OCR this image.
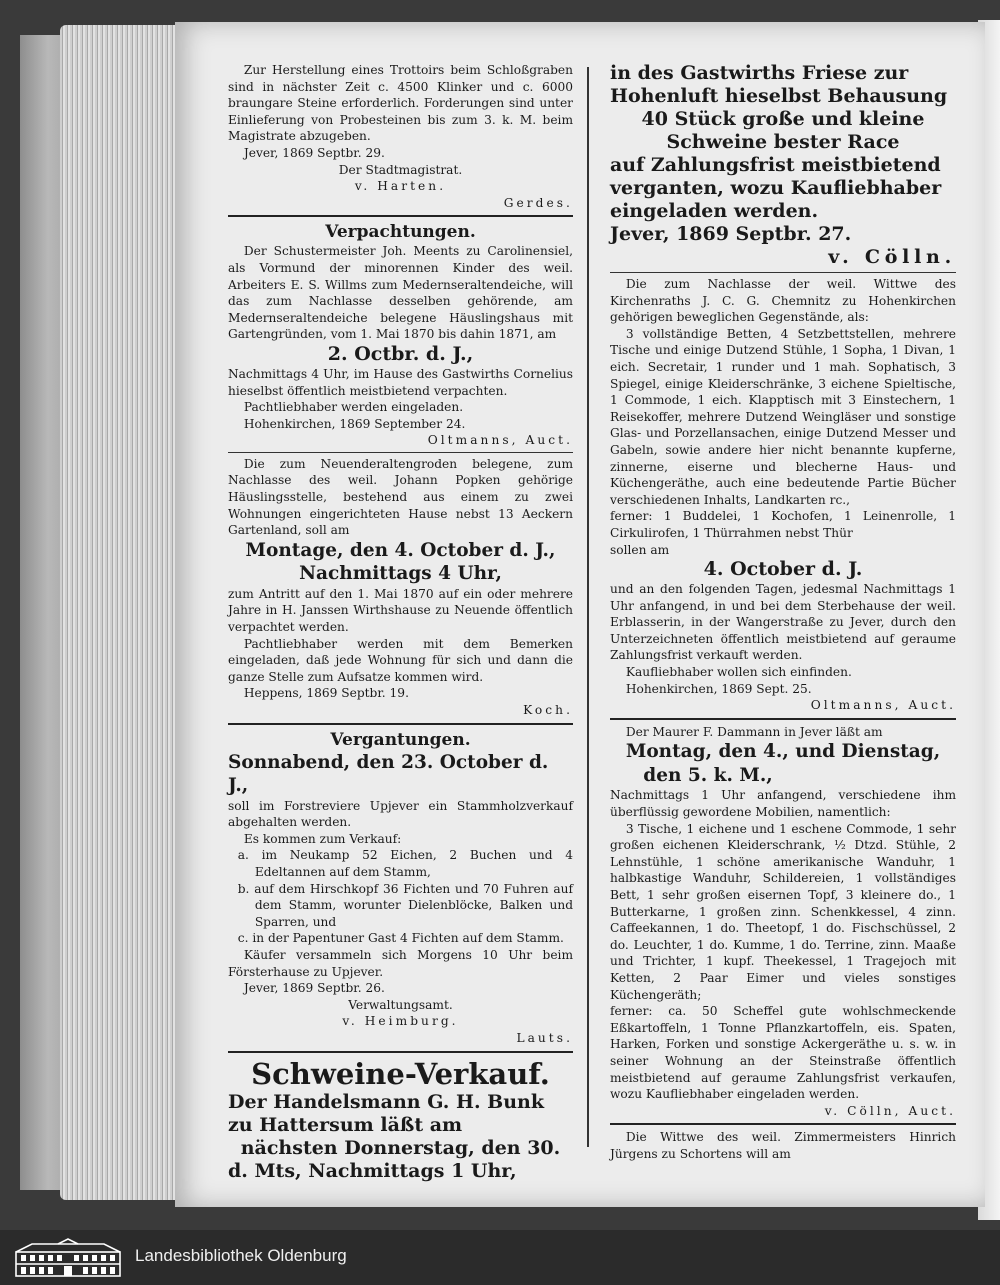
Zur Herstellung eines Trottoirs beim Schloßgraben sind in nächster Zeit c. 4500 Klinker und c. 6000 braungare Steine erforderlich. Forderungen sind unter Einlieferung von Probesteinen bis zum 3. k. M. beim Magistrate abzugeben.

Jever, 1869 Septbr. 29.

Der Stadtmagistrat.

v. Harten.

Gerdes.

Verpachtungen.

Der Schustermeister Joh. Meents zu Carolinensiel, als Vormund der minorennen Kinder des weil. Arbeiters E. S. Willms zum Medernseraltendeiche, will das zum Nachlasse desselben gehörende, am Medernseraltendeiche belegene Häuslingshaus mit Gartengründen, vom 1. Mai 1870 bis dahin 1871, am

2. Octbr. d. J.,

Nachmittags 4 Uhr, im Hause des Gastwirths Cornelius hieselbst öffentlich meistbietend verpachten.

Pachtliebhaber werden eingeladen.

Hohenkirchen, 1869 September 24.

Oltmanns, Auct.

Die zum Neuenderaltengroden belegene, zum Nachlasse des weil. Johann Popken gehörige Häuslingsstelle, bestehend aus einem zu zwei Wohnungen eingerichteten Hause nebst 13 Aeckern Gartenland, soll am

Montage, den 4. October d. J.,

Nachmittags 4 Uhr,

zum Antritt auf den 1. Mai 1870 auf ein oder mehrere Jahre in H. Janssen Wirthshause zu Neuende öffentlich verpachtet werden.

Pachtliebhaber werden mit dem Bemerken eingeladen, daß jede Wohnung für sich und dann die ganze Stelle zum Aufsatze kommen wird.

Heppens, 1869 Septbr. 19.

Koch.

Vergantungen.

Sonnabend, den 23. October d. J.,

soll im Forstreviere Upjever ein Stammholzverkauf abgehalten werden.

Es kommen zum Verkauf:

a. im Neukamp 52 Eichen, 2 Buchen und 4 Edeltannen auf dem Stamm,

b. auf dem Hirschkopf 36 Fichten und 70 Fuhren auf dem Stamm, worunter Dielenblöcke, Balken und Sparren, und

c. in der Papentuner Gast 4 Fichten auf dem Stamm.

Käufer versammeln sich Morgens 10 Uhr beim Försterhause zu Upjever.

Jever, 1869 Septbr. 26.

Verwaltungsamt.

v. Heimburg.

Lauts.

Schweine-Verkauf.

Der Handelsmann G. H. Bunk

zu Hattersum läßt am

nächsten Donnerstag, den 30.

d. Mts, Nachmittags 1 Uhr,

in des Gastwirths Friese zur Hohenluft hieselbst Behausung

40 Stück große und kleine Schweine bester Race

auf Zahlungsfrist meistbietend verganten, wozu Kaufliebhaber eingeladen werden.

Jever, 1869 Septbr. 27.

v. Cölln.

Die zum Nachlasse der weil. Wittwe des Kirchenraths J. C. G. Chemnitz zu Hohenkirchen gehörigen beweglichen Gegenstände, als:

3 vollständige Betten, 4 Setzbettstellen, mehrere Tische und einige Dutzend Stühle, 1 Sopha, 1 Divan, 1 eich. Secretair, 1 runder und 1 mah. Sophatisch, 3 Spiegel, einige Kleiderschränke, 3 eichene Spieltische, 1 Commode, 1 eich. Klapptisch mit 3 Einstechern, 1 Reisekoffer, mehrere Dutzend Weingläser und sonstige Glas- und Porzellansachen, einige Dutzend Messer und Gabeln, sowie andere hier nicht benannte kupferne, zinnerne, eiserne und blecherne Haus- und Küchengeräthe, auch eine bedeutende Partie Bücher verschiedenen Inhalts, Landkarten rc.,

ferner: 1 Buddelei, 1 Kochofen, 1 Leinenrolle, 1 Cirkulirofen, 1 Thürrahmen nebst Thür

sollen am

4. October d. J.

und an den folgenden Tagen, jedesmal Nachmittags 1 Uhr anfangend, in und bei dem Sterbehause der weil. Erblasserin, in der Wangerstraße zu Jever, durch den Unterzeichneten öffentlich meistbietend auf geraume Zahlungsfrist verkauft werden.

Kaufliebhaber wollen sich einfinden.

Hohenkirchen, 1869 Sept. 25.

Oltmanns, Auct.

Der Maurer F. Dammann in Jever läßt am

Montag, den 4., und Dienstag,

den 5. k. M.,

Nachmittags 1 Uhr anfangend, verschiedene ihm überflüssig gewordene Mobilien, namentlich:

3 Tische, 1 eichene und 1 eschene Commode, 1 sehr großen eichenen Kleiderschrank, ½ Dtzd. Stühle, 2 Lehnstühle, 1 schöne amerikanische Wanduhr, 1 halbkastige Wanduhr, Schildereien, 1 vollständiges Bett, 1 sehr großen eisernen Topf, 3 kleinere do., 1 Butterkarne, 1 großen zinn. Schenkkessel, 4 zinn. Caffeekannen, 1 do. Theetopf, 1 do. Fischschüssel, 2 do. Leuchter, 1 do. Kumme, 1 do. Terrine, zinn. Maaße und Trichter, 1 kupf. Theekessel, 1 Tragejoch mit Ketten, 2 Paar Eimer und vieles sonstiges Küchengeräth;

ferner: ca. 50 Scheffel gute wohlschmeckende Eßkartoffeln, 1 Tonne Pflanzkartoffeln, eis. Spaten, Harken, Forken und sonstige Ackergeräthe u. s. w. in seiner Wohnung an der Steinstraße öffentlich meistbietend auf geraume Zahlungsfrist verkaufen, wozu Kaufliebhaber eingeladen werden.

v. Cölln, Auct.

Die Wittwe des weil. Zimmermeisters Hinrich Jürgens zu Schortens will am

Landesbibliothek Oldenburg
